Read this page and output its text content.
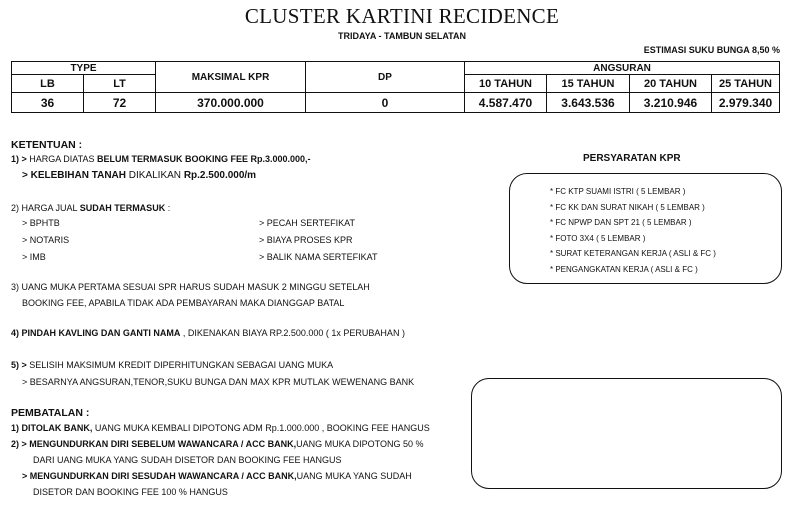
CLUSTER KARTINI RECIDENCE
TRIDAYA - TAMBUN SELATAN
ESTIMASI SUKU BUNGA 8,50 %
TYPE		MAKSIMAL KPR	DP	ANGSURAN			
LB	LT			10 TAHUN	15 TAHUN	20 TAHUN	25 TAHUN
36	72	370.000.000	0	4.587.470	3.643.536	3.210.946	2.979.340
KETENTUAN :
1) > HARGA DIATAS BELUM TERMASUK BOOKING FEE Rp.3.000.000,-
> KELEBIHAN TANAH DIKALIKAN Rp.2.500.000/m
2) HARGA JUAL SUDAH TERMASUK :
> BPHTB
> NOTARIS
> IMB
> PECAH SERTEFIKAT
> BIAYA PROSES KPR
> BALIK NAMA SERTEFIKAT
3) UANG MUKA PERTAMA SESUAI SPR HARUS SUDAH MASUK 2 MINGGU SETELAH
BOOKING FEE, APABILA TIDAK ADA PEMBAYARAN MAKA DIANGGAP BATAL
4) PINDAH KAVLING DAN GANTI NAMA , DIKENAKAN BIAYA RP.2.500.000 ( 1x PERUBAHAN )
5) > SELISIH MAKSIMUM KREDIT DIPERHITUNGKAN SEBAGAI UANG MUKA
> BESARNYA ANGSURAN,TENOR,SUKU BUNGA DAN MAX KPR MUTLAK WEWENANG BANK
PEMBATALAN :
1) DITOLAK BANK, UANG MUKA KEMBALI DIPOTONG ADM Rp.1.000.000 , BOOKING FEE HANGUS
2) > MENGUNDURKAN DIRI SEBELUM WAWANCARA / ACC BANK,UANG MUKA DIPOTONG 50 %
DARI UANG MUKA YANG SUDAH DISETOR DAN BOOKING FEE HANGUS
> MENGUNDURKAN DIRI SESUDAH WAWANCARA / ACC BANK,UANG MUKA YANG SUDAH
DISETOR DAN BOOKING FEE 100 % HANGUS
PERSYARATAN KPR
* FC KTP SUAMI ISTRI ( 5 LEMBAR )
* FC KK DAN SURAT NIKAH ( 5 LEMBAR )
* FC NPWP DAN SPT 21 ( 5 LEMBAR )
* FOTO 3X4 ( 5 LEMBAR )
* SURAT KETERANGAN KERJA ( ASLI & FC )
* PENGANGKATAN KERJA ( ASLI & FC )
